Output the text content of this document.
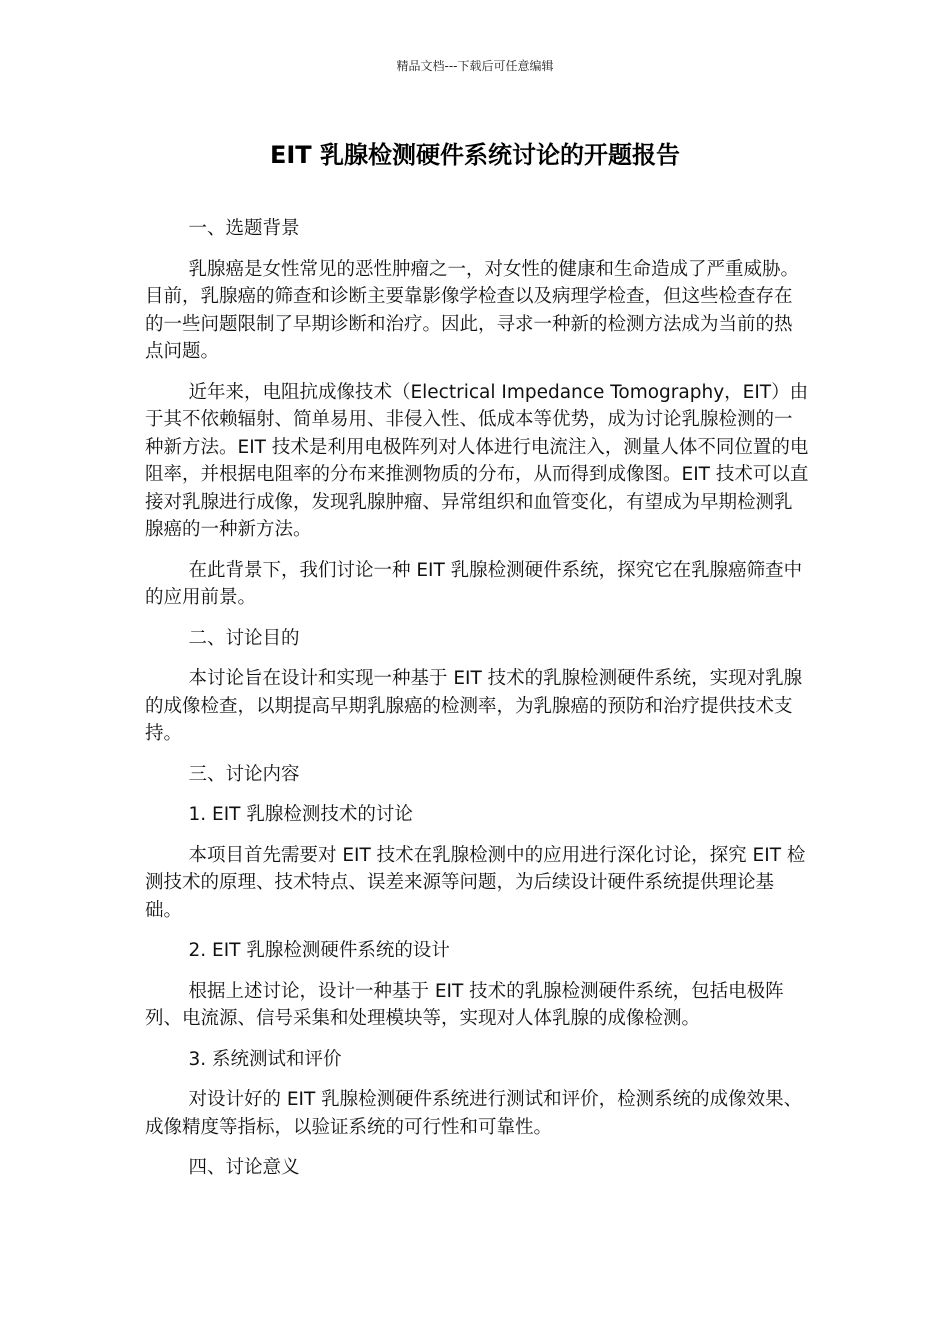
精品文档---下载后可任意编辑
EIT 乳腺检测硬件系统讨论的开题报告

一、选题背景

乳腺癌是女性常见的恶性肿瘤之一，对女性的健康和生命造成了严重威胁。目前，乳腺癌的筛查和诊断主要靠影像学检查以及病理学检查，但这些检查存在的一些问题限制了早期诊断和治疗。因此，寻求一种新的检测方法成为当前的热点问题。

近年来，电阻抗成像技术（Electrical Impedance Tomography，EIT）由于其不依赖辐射、简单易用、非侵入性、低成本等优势，成为讨论乳腺检测的一种新方法。EIT 技术是利用电极阵列对人体进行电流注入，测量人体不同位置的电阻率，并根据电阻率的分布来推测物质的分布，从而得到成像图。EIT 技术可以直接对乳腺进行成像，发现乳腺肿瘤、异常组织和血管变化，有望成为早期检测乳腺癌的一种新方法。

在此背景下，我们讨论一种 EIT 乳腺检测硬件系统，探究它在乳腺癌筛查中的应用前景。

二、讨论目的

本讨论旨在设计和实现一种基于 EIT 技术的乳腺检测硬件系统，实现对乳腺的成像检查，以期提高早期乳腺癌的检测率，为乳腺癌的预防和治疗提供技术支持。

三、讨论内容

1. EIT 乳腺检测技术的讨论

本项目首先需要对 EIT 技术在乳腺检测中的应用进行深化讨论，探究 EIT 检测技术的原理、技术特点、误差来源等问题，为后续设计硬件系统提供理论基础。

2. EIT 乳腺检测硬件系统的设计

根据上述讨论，设计一种基于 EIT 技术的乳腺检测硬件系统，包括电极阵列、电流源、信号采集和处理模块等，实现对人体乳腺的成像检测。

3. 系统测试和评价

对设计好的 EIT 乳腺检测硬件系统进行测试和评价，检测系统的成像效果、成像精度等指标，以验证系统的可行性和可靠性。

四、讨论意义
